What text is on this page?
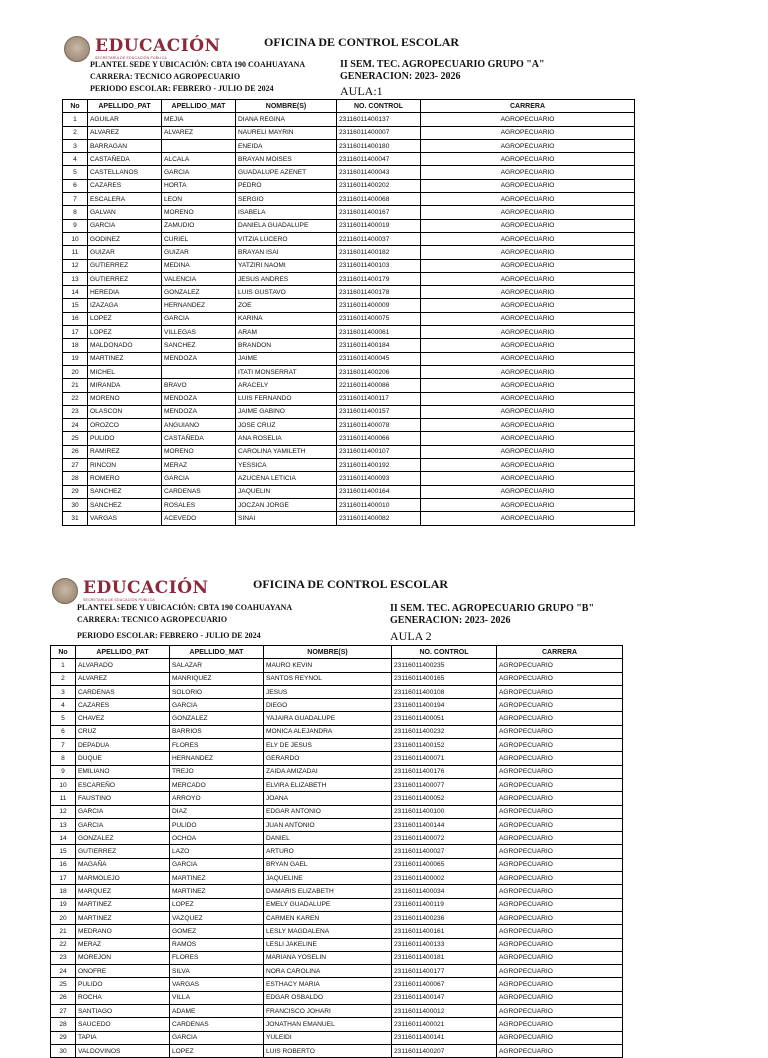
EDUCACIÓN
SECRETARÍA DE EDUCACIÓN PÚBLICA
OFICINA DE CONTROL ESCOLAR
PLANTEL SEDE Y UBICACIÓN: CBTA 190 COAHUAYANA
CARRERA: TECNICO AGROPECUARIO
PERIODO ESCOLAR: FEBRERO - JULIO DE 2024
II SEM. TEC. AGROPECUARIO GRUPO "A"
GENERACION: 2023- 2026
AULA:1
No	APELLIDO_PAT	APELLIDO_MAT	NOMBRE(S)	NO. CONTROL	CARRERA
1	AGUILAR	MEJIA	DIANA REGINA	23116011400137	AGROPECUARIO
2	ALVAREZ	ALVAREZ	NAURELI MAYRIN	23116011400007	AGROPECUARIO
3	BARRAGAN		ENEIDA	23116011400180	AGROPECUARIO
4	CASTAÑEDA	ALCALA	BRAYAN MOISES	23116011400047	AGROPECUARIO
5	CASTELLANOS	GARCIA	GUADALUPE AZENET	23116011400043	AGROPECUARIO
6	CAZARES	HORTA	PEDRO	23116011400202	AGROPECUARIO
7	ESCALERA	LEON	SERGIO	23116011400068	AGROPECUARIO
8	GALVAN	MORENO	ISABELA	23116011400167	AGROPECUARIO
9	GARCIA	ZAMUDIO	DANIELA GUADALUPE	23116011400019	AGROPECUARIO
10	GODINEZ	CURIEL	VITZIA LUCERO	22116011400037	AGROPECUARIO
11	GUIZAR	GUIZAR	BRAYAN ISAI	23116011400182	AGROPECUARIO
12	GUTIERREZ	MEDINA	YATZIRI NAOMI	23116011400103	AGROPECUARIO
13	GUTIERREZ	VALENCIA	JESUS ANDRES	23116011400179	AGROPECUARIO
14	HEREDIA	GONZALEZ	LUIS GUSTAVO	23116011400178	AGROPECUARIO
15	IZAZAGA	HERNANDEZ	ZOE	23116011400009	AGROPECUARIO
16	LOPEZ	GARCIA	KARINA	23116011400075	AGROPECUARIO
17	LOPEZ	VILLEGAS	ARAM	23116011400061	AGROPECUARIO
18	MALDONADO	SANCHEZ	BRANDON	23116011400184	AGROPECUARIO
19	MARTINEZ	MENDOZA	JAIME	23116011400045	AGROPECUARIO
20	MICHEL		ITATI MONSERRAT	23116011400206	AGROPECUARIO
21	MIRANDA	BRAVO	ARACELY	22116011400086	AGROPECUARIO
22	MORENO	MENDOZA	LUIS FERNANDO	23116011400117	AGROPECUARIO
23	OLASCON	MENDOZA	JAIME GABINO	23116011400157	AGROPECUARIO
24	OROZCO	ANGUIANO	JOSE CRUZ	23116011400078	AGROPECUARIO
25	PULIDO	CASTAÑEDA	ANA ROSELIA	23116011400066	AGROPECUARIO
26	RAMIREZ	MORENO	CAROLINA YAMILETH	23116011400107	AGROPECUARIO
27	RINCON	MERAZ	YESSICA	23116011400192	AGROPECUARIO
28	ROMERO	GARCIA	AZUCENA LETICIA	23116011400093	AGROPECUARIO
29	SANCHEZ	CARDENAS	JAQUELIN	23116011400164	AGROPECUARIO
30	SANCHEZ	ROSALES	JOCZAN JORGE	23116011400010	AGROPECUARIO
31	VARGAS	ACEVEDO	SINAI	23116011400082	AGROPECUARIO
EDUCACIÓN
SECRETARÍA DE EDUCACIÓN PÚBLICA
OFICINA DE CONTROL ESCOLAR
PLANTEL SEDE Y UBICACIÓN: CBTA 190 COAHUAYANA
CARRERA: TECNICO AGROPECUARIO
PERIODO ESCOLAR: FEBRERO - JULIO DE 2024
II SEM. TEC. AGROPECUARIO GRUPO "B"
GENERACION: 2023- 2026
AULA 2
No	APELLIDO_PAT	APELLIDO_MAT	NOMBRE(S)	NO. CONTROL	CARRERA
1	ALVARADO	SALAZAR	MAURO KEVIN	23116011400235	AGROPECUARIO
2	ALVAREZ	MANRIQUEZ	SANTOS REYNOL	23116011400165	AGROPECUARIO
3	CARDENAS	SOLORIO	JESUS	23116011400108	AGROPECUARIO
4	CAZARES	GARCIA	DIEGO	23116011400194	AGROPECUARIO
5	CHAVEZ	GONZALEZ	YAJAIRA GUADALUPE	23116011400051	AGROPECUARIO
6	CRUZ	BARRIOS	MONICA ALEJANDRA	23116011400232	AGROPECUARIO
7	DEPADUA	FLORES	ELY DE JESUS	23116011400152	AGROPECUARIO
8	DUQUE	HERNANDEZ	GERARDO	23116011400071	AGROPECUARIO
9	EMILIANO	TREJO	ZAIDA AMIZADAI	23116011400176	AGROPECUARIO
10	ESCAREÑO	MERCADO	ELVIRA ELIZABETH	23116011400077	AGROPECUARIO
11	FAUSTINO	ARROYO	JOANA	23116011400052	AGROPECUARIO
12	GARCIA	DIAZ	EDGAR ANTONIO	23116011400100	AGROPECUARIO
13	GARCIA	PULIDO	JUAN ANTONIO	23116011400144	AGROPECUARIO
14	GONZALEZ	OCHOA	DANIEL	23116011400072	AGROPECUARIO
15	GUTIERREZ	LAZO	ARTURO	23116011400027	AGROPECUARIO
16	MAGAÑA	GARCIA	BRYAN GAEL	23116011400065	AGROPECUARIO
17	MARMOLEJO	MARTINEZ	JAQUELINE	23116011400002	AGROPECUARIO
18	MARQUEZ	MARTINEZ	DAMARIS ELIZABETH	23116011400034	AGROPECUARIO
19	MARTINEZ	LOPEZ	EMELY GUADALUPE	23116011400119	AGROPECUARIO
20	MARTINEZ	VAZQUEZ	CARMEN KAREN	23116011400236	AGROPECUARIO
21	MEDRANO	GOMEZ	LESLY MAGDALENA	23116011400161	AGROPECUARIO
22	MERAZ	RAMOS	LESLI JAKELINE	23116011400133	AGROPECUARIO
23	MOREJON	FLORES	MARIANA YOSELIN	23116011400181	AGROPECUARIO
24	ONOFRE	SILVA	NORA CAROLINA	23116011400177	AGROPECUARIO
25	PULIDO	VARGAS	ESTHACY MARIA	23116011400067	AGROPECUARIO
26	ROCHA	VILLA	EDGAR OSBALDO	23116011400147	AGROPECUARIO
27	SANTIAGO	ADAME	FRANCISCO JOHARI	23116011400012	AGROPECUARIO
28	SAUCEDO	CARDENAS	JONATHAN EMANUEL	23116011400021	AGROPECUARIO
29	TAPIA	GARCIA	YULEIDI	23116011400141	AGROPECUARIO
30	VALDOVINOS	LOPEZ	LUIS ROBERTO	23116011400207	AGROPECUARIO
